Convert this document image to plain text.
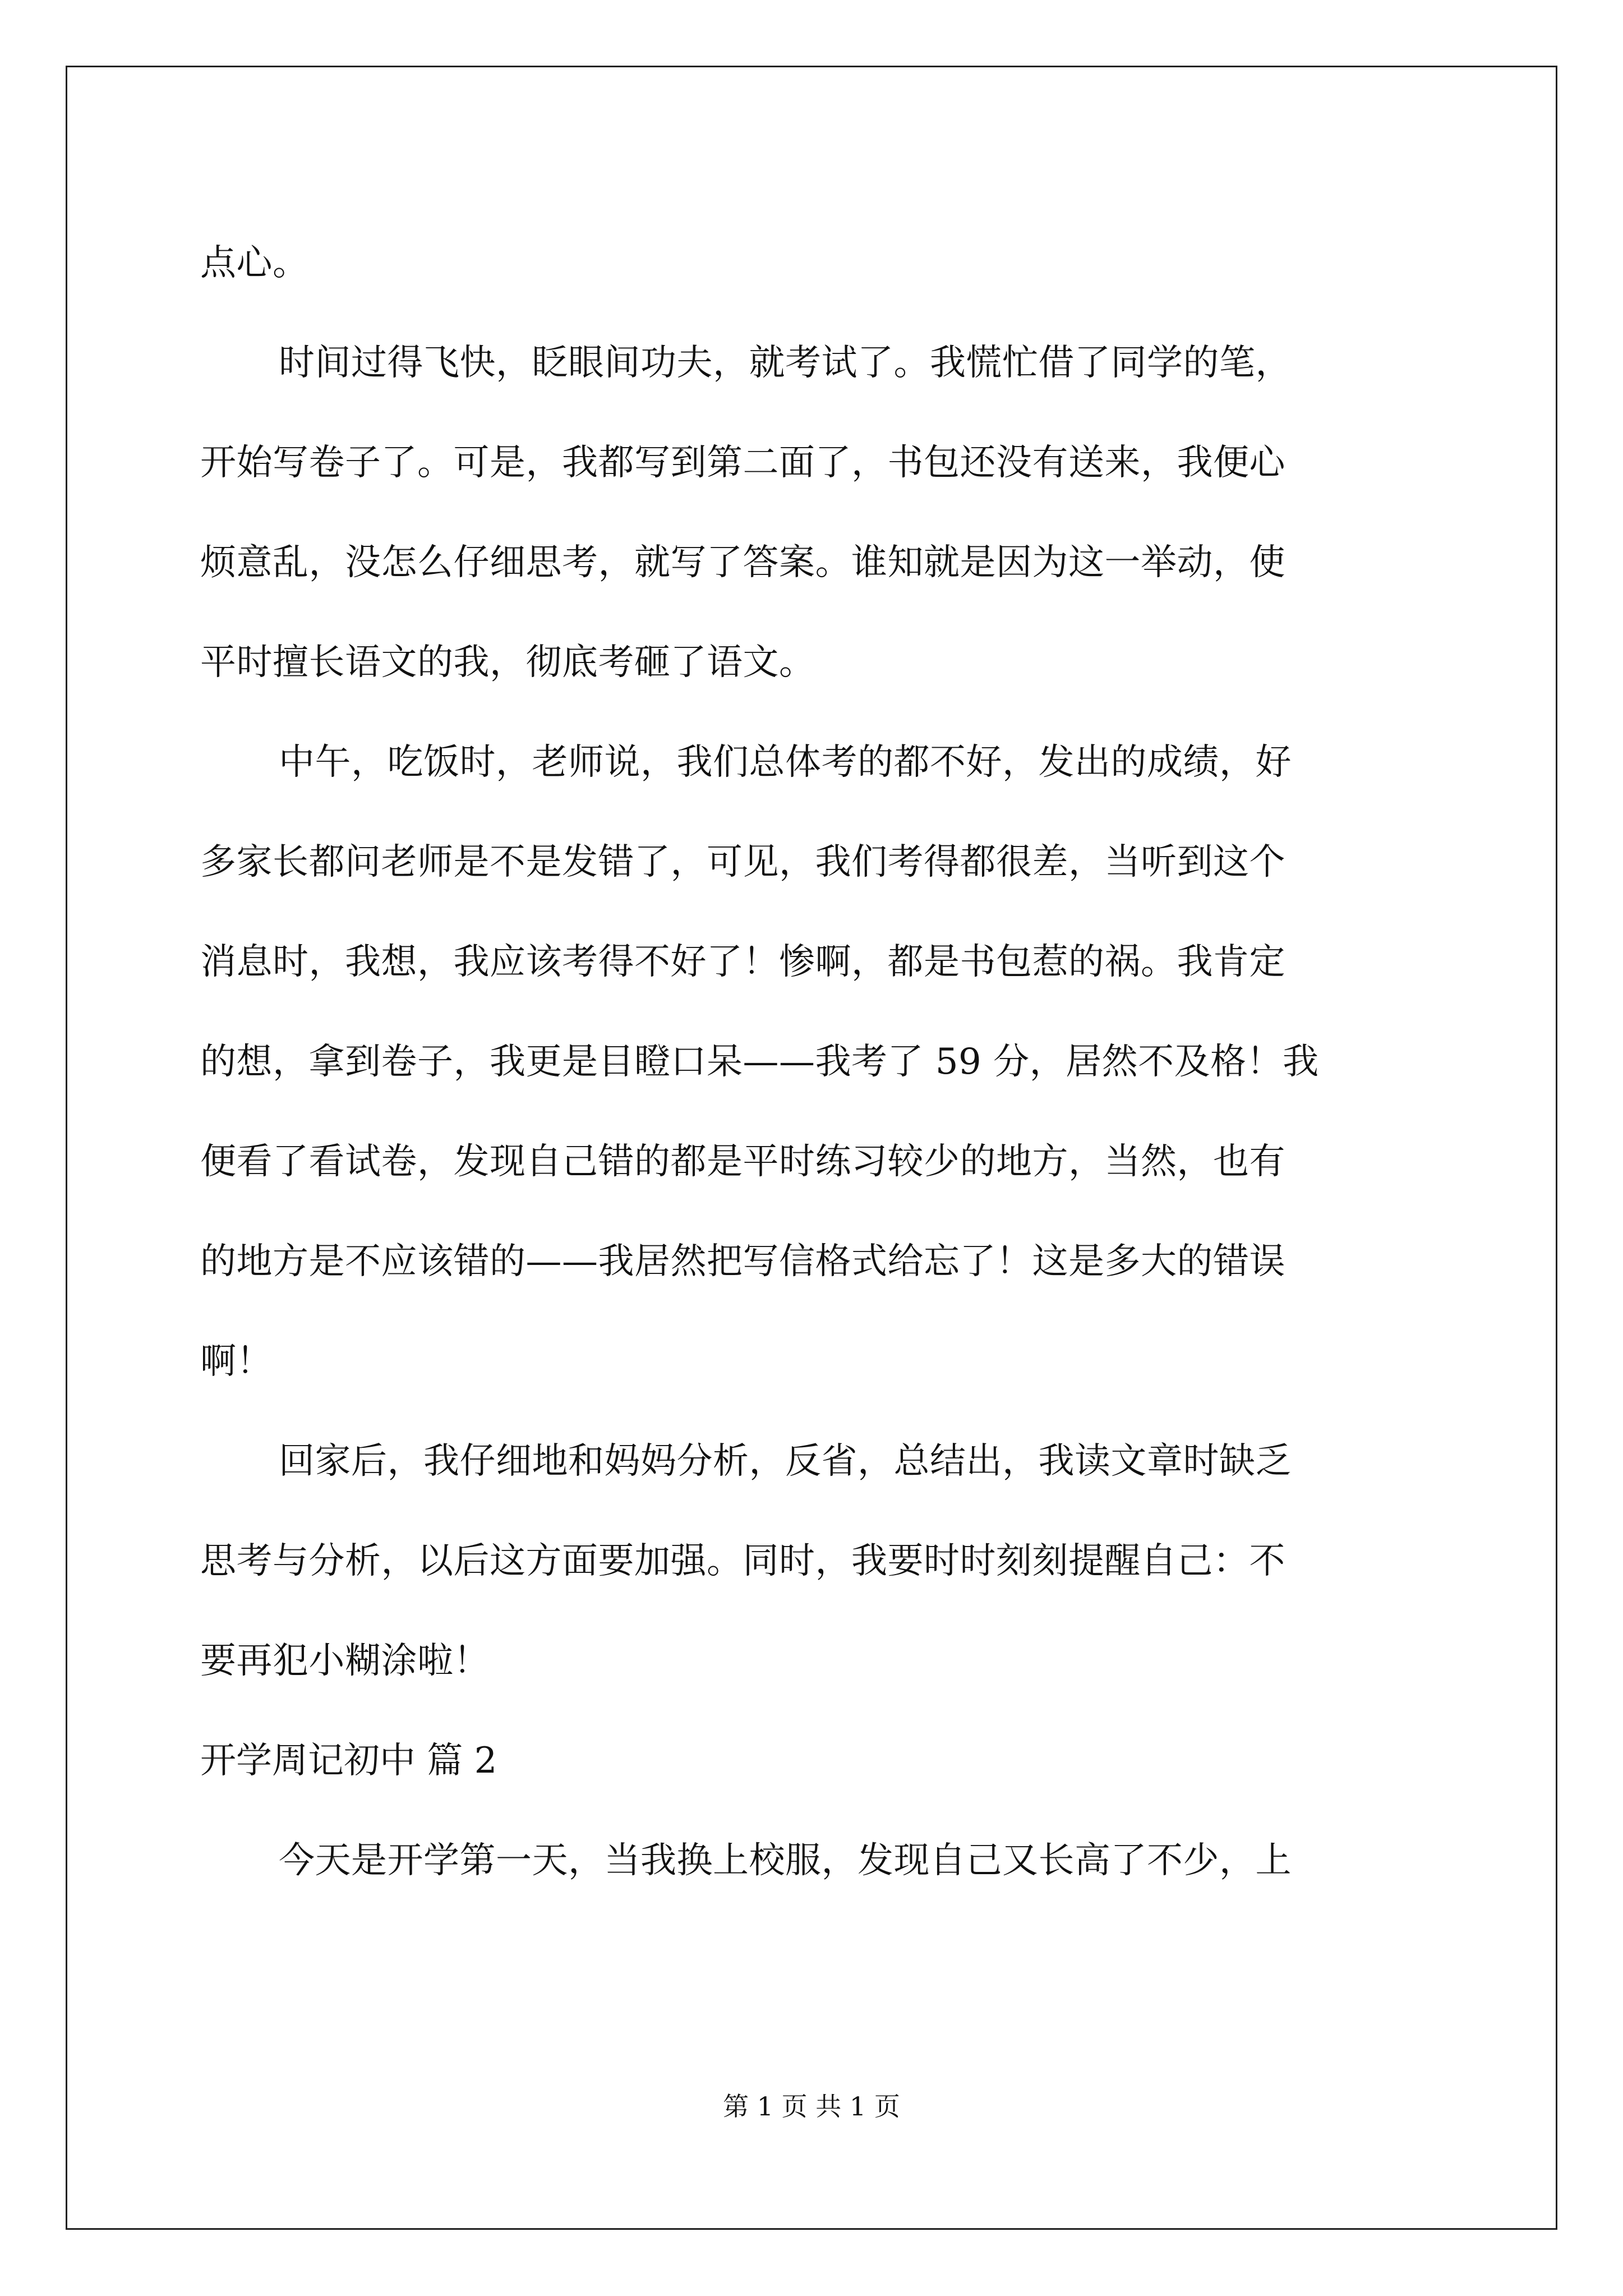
点心。
时间过得飞快，眨眼间功夫，就考试了。我慌忙借了同学的笔，
开始写卷子了。可是，我都写到第二面了，书包还没有送来，我便心
烦意乱，没怎么仔细思考，就写了答案。谁知就是因为这一举动，使
平时擅长语文的我，彻底考砸了语文。
中午，吃饭时，老师说，我们总体考的都不好，发出的成绩，好
多家长都问老师是不是发错了，可见，我们考得都很差，当听到这个
消息时，我想，我应该考得不好了！惨啊，都是书包惹的祸。我肯定
的想，拿到卷子，我更是目瞪口呆——我考了 59 分，居然不及格！我
便看了看试卷，发现自己错的都是平时练习较少的地方，当然，也有
的地方是不应该错的——我居然把写信格式给忘了！这是多大的错误
啊！
回家后，我仔细地和妈妈分析，反省，总结出，我读文章时缺乏
思考与分析，以后这方面要加强。同时，我要时时刻刻提醒自己：不
要再犯小糊涂啦！
开学周记初中 篇 2
今天是开学第一天，当我换上校服，发现自己又长高了不少，上
第 1 页 共 1 页
